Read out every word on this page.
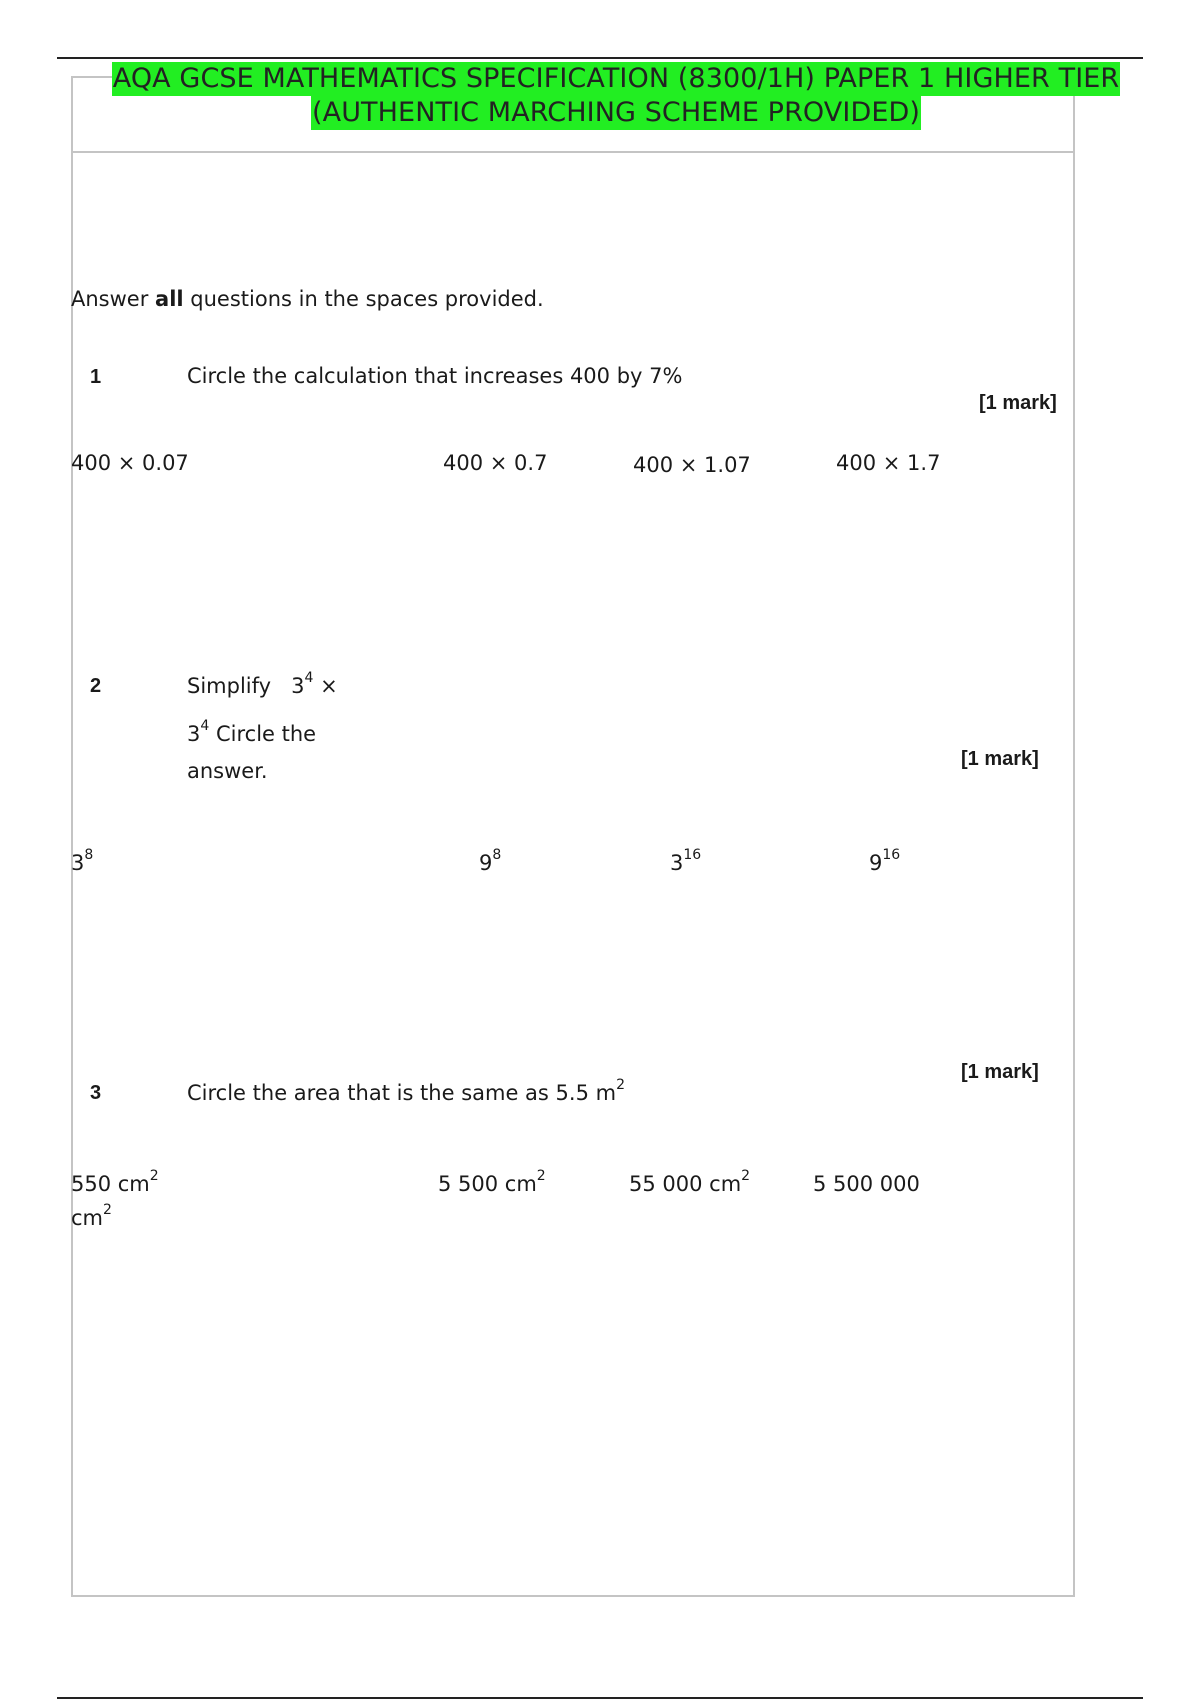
AQA GCSE MATHEMATICS SPECIFICATION (8300/1H) PAPER 1 HIGHER TIER
(AUTHENTIC MARCHING SCHEME PROVIDED)
Answer all questions in the spaces provided.
1	Circle the calculation that increases 400 by 7%
[1 mark]
400 × 0.07	400 × 0.7	400 × 1.07	400 × 1.7
2	Simplify $3^4$ ×
$3^4$ Circle the
answer.	[1 mark]
$3^8$	$9^8$	$3^{16}$	$9^{16}$
3	Circle the area that is the same as 5.5 $m^2$
[1 mark]
550 $cm^2$	5 500 $cm^2$	55 000 $cm^2$	5 500 000
$cm^2$
